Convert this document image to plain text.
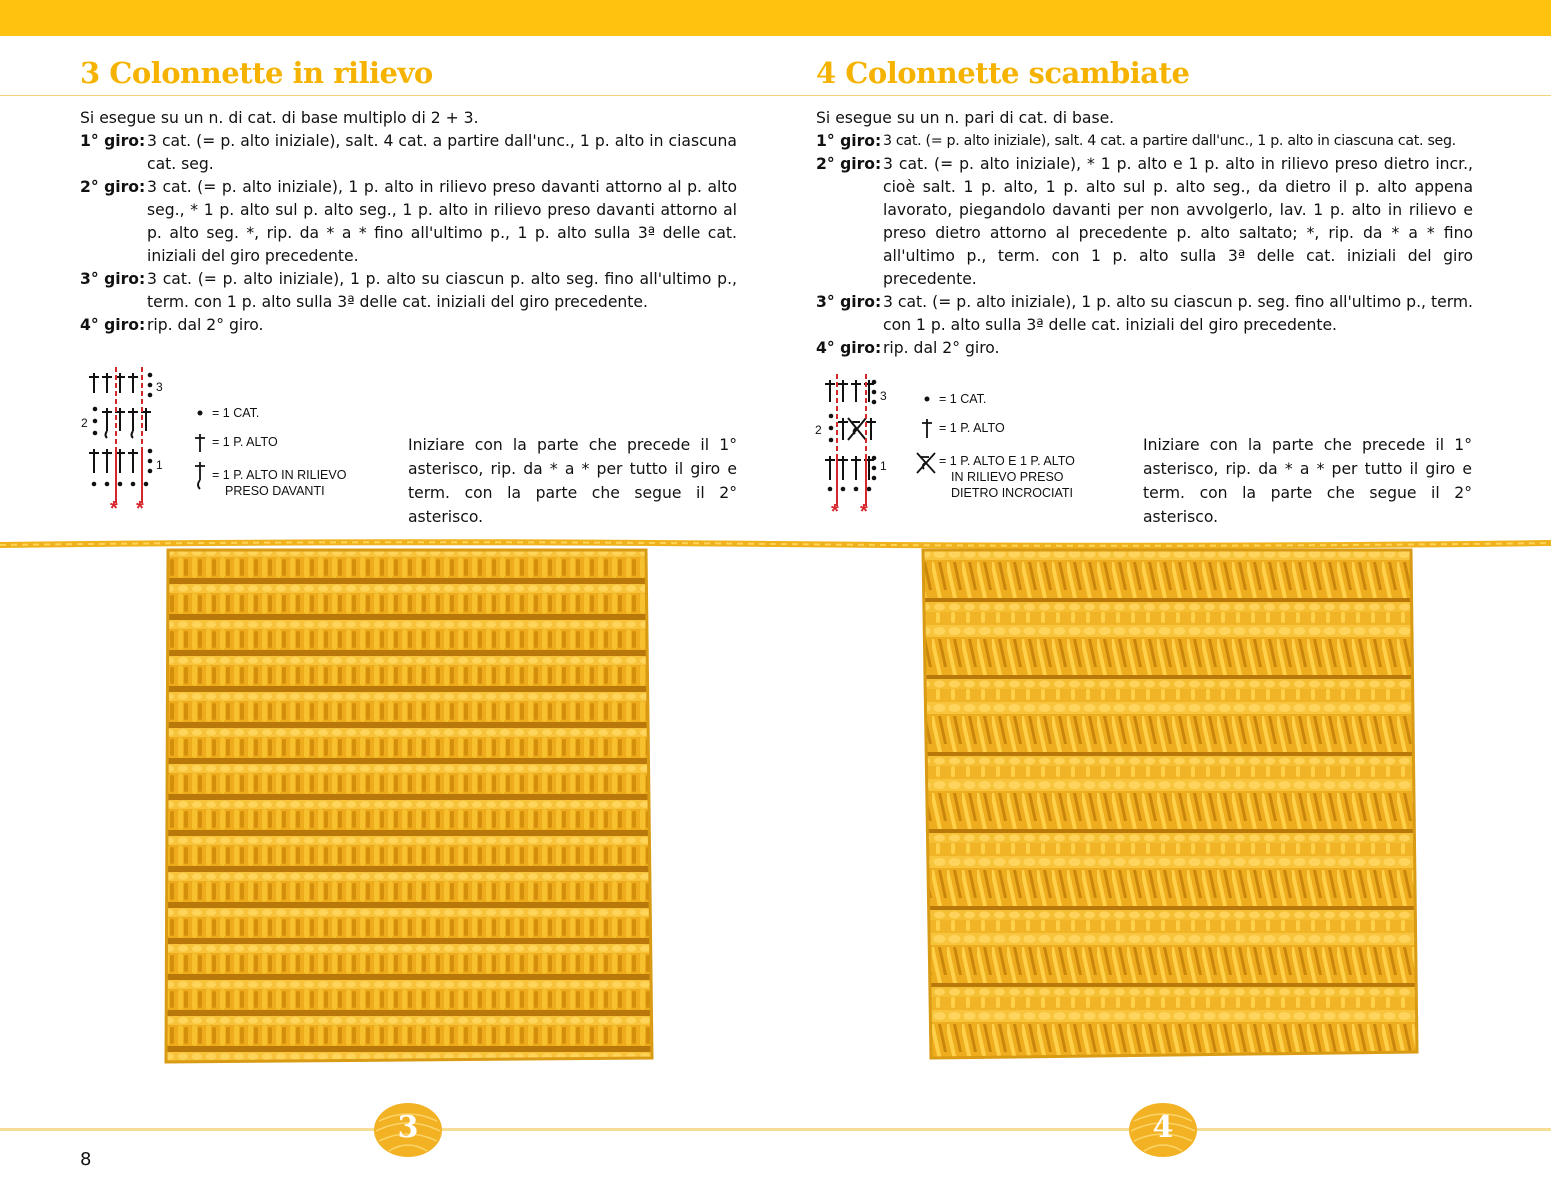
3 Colonnette in rilievo
Si esegue su un n. di cat. di base multiplo di 2 + 3.
1° giro: 3 cat. (= p. alto iniziale), salt. 4 cat. a partire dall'unc., 1 p. alto in ciascuna cat. seg.
2° giro: 3 cat. (= p. alto iniziale), 1 p. alto in rilievo preso davanti attorno al p. alto seg., * 1 p. alto sul p. alto seg., 1 p. alto in rilievo preso davanti attorno al p. alto seg. *, rip. da * a * fino all'ultimo p., 1 p. alto sulla 3ª delle cat. iniziali del giro precedente.
3° giro: 3 cat. (= p. alto iniziale), 1 p. alto su ciascun p. alto seg. fino all'ultimo p., term. con 1 p. alto sulla 3ª delle cat. iniziali del giro precedente.
4° giro: rip. dal 2° giro.
3
2
1
* *
= 1 CAT.
= 1 P. ALTO
= 1 P. ALTO IN RILIEVO
PRESO DAVANTI
Iniziare con la parte che precede il 1° asterisco, rip. da * a * per tutto il giro e term. con la parte che segue il 2° asterisco.
4 Colonnette scambiate
Si esegue su un n. pari di cat. di base.
1° giro: 3 cat. (= p. alto iniziale), salt. 4 cat. a partire dall'unc., 1 p. alto in ciascuna cat. seg.
2° giro: 3 cat. (= p. alto iniziale), * 1 p. alto e 1 p. alto in rilievo preso dietro incr., cioè salt. 1 p. alto, 1 p. alto sul p. alto seg., da dietro il p. alto appena lavorato, piegandolo davanti per non avvolgerlo, lav. 1 p. alto in rilievo e preso dietro attorno al precedente p. alto saltato; *, rip. da * a * fino all'ultimo p., term. con 1 p. alto sulla 3ª delle cat. iniziali del giro precedente.
3° giro: 3 cat. (= p. alto iniziale), 1 p. alto su ciascun p. seg. fino all'ultimo p., term. con 1 p. alto sulla 3ª delle cat. iniziali del giro precedente.
4° giro: rip. dal 2° giro.
3
2
1
* *
= 1 CAT.
= 1 P. ALTO
= 1 P. ALTO E 1 P. ALTO
IN RILIEVO PRESO
DIETRO INCROCIATI
Iniziare con la parte che precede il 1° asterisco, rip. da * a * per tutto il giro e term. con la parte che segue il 2° asterisco.
3	4
8
